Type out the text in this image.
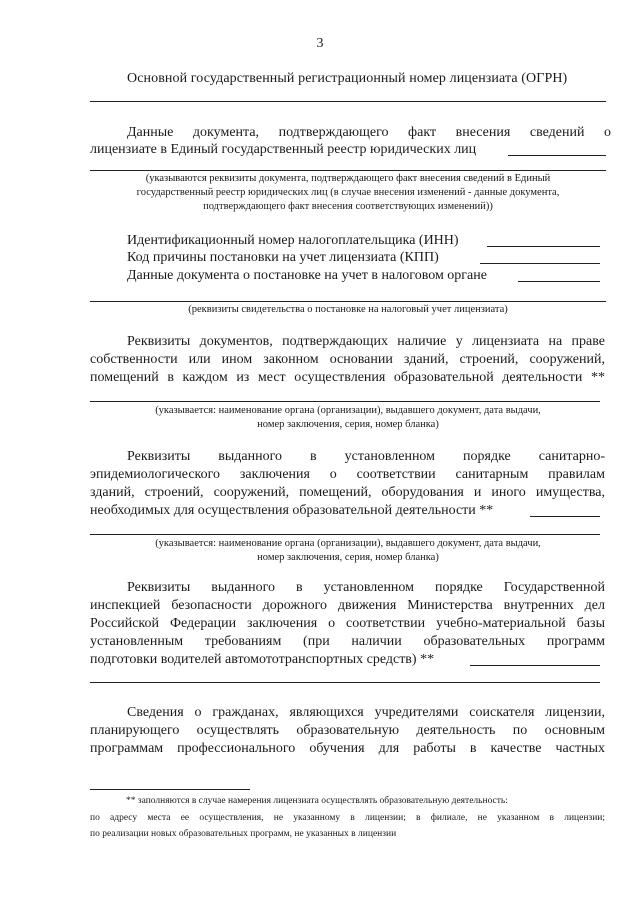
3
Основной государственный регистрационный номер лицензиата (ОГРН)
Данные документа, подтверждающего факт внесения сведений о
лицензиате в Единый государственный реестр юридических лиц
(указываются реквизиты документа, подтверждающего факт внесения сведений в Единый
государственный реестр юридических лиц (в случае внесения изменений - данные документа,
подтверждающего факт внесения соответствующих изменений))
Идентификационный номер налогоплательщика (ИНН)
Код причины постановки на учет лицензиата (КПП)
Данные документа о постановке на учет в налоговом органе
(реквизиты свидетельства о постановке на налоговый учет лицензиата)
Реквизиты документов, подтверждающих наличие у лицензиата на праве
собственности или ином законном основании зданий, строений, сооружений,
помещений в каждом из мест осуществления образовательной деятельности **
(указывается: наименование органа (организации), выдавшего документ, дата выдачи,
номер заключения, серия, номер бланка)
Реквизиты выданного в установленном порядке санитарно-
эпидемиологического заключения о соответствии санитарным правилам
зданий, строений, сооружений, помещений, оборудования и иного имущества,
необходимых для осуществления образовательной деятельности **
(указывается: наименование органа (организации), выдавшего документ, дата выдачи,
номер заключения, серия, номер бланка)
Реквизиты выданного в установленном порядке Государственной
инспекцией безопасности дорожного движения Министерства внутренних дел
Российской Федерации заключения о соответствии учебно-материальной базы
установленным требованиям (при наличии образовательных программ
подготовки водителей автомототранспортных средств) **
Сведения о гражданах, являющихся учредителями соискателя лицензии,
планирующего осуществлять образовательную деятельность по основным
программам профессионального обучения для работы в качестве частных
** заполняются в случае намерения лицензиата осуществлять образовательную деятельность:
по адресу места ее осуществления, не указанному в лицензии; в филиале, не указанном в лицензии;
по реализации новых образовательных программ, не указанных в лицензии
